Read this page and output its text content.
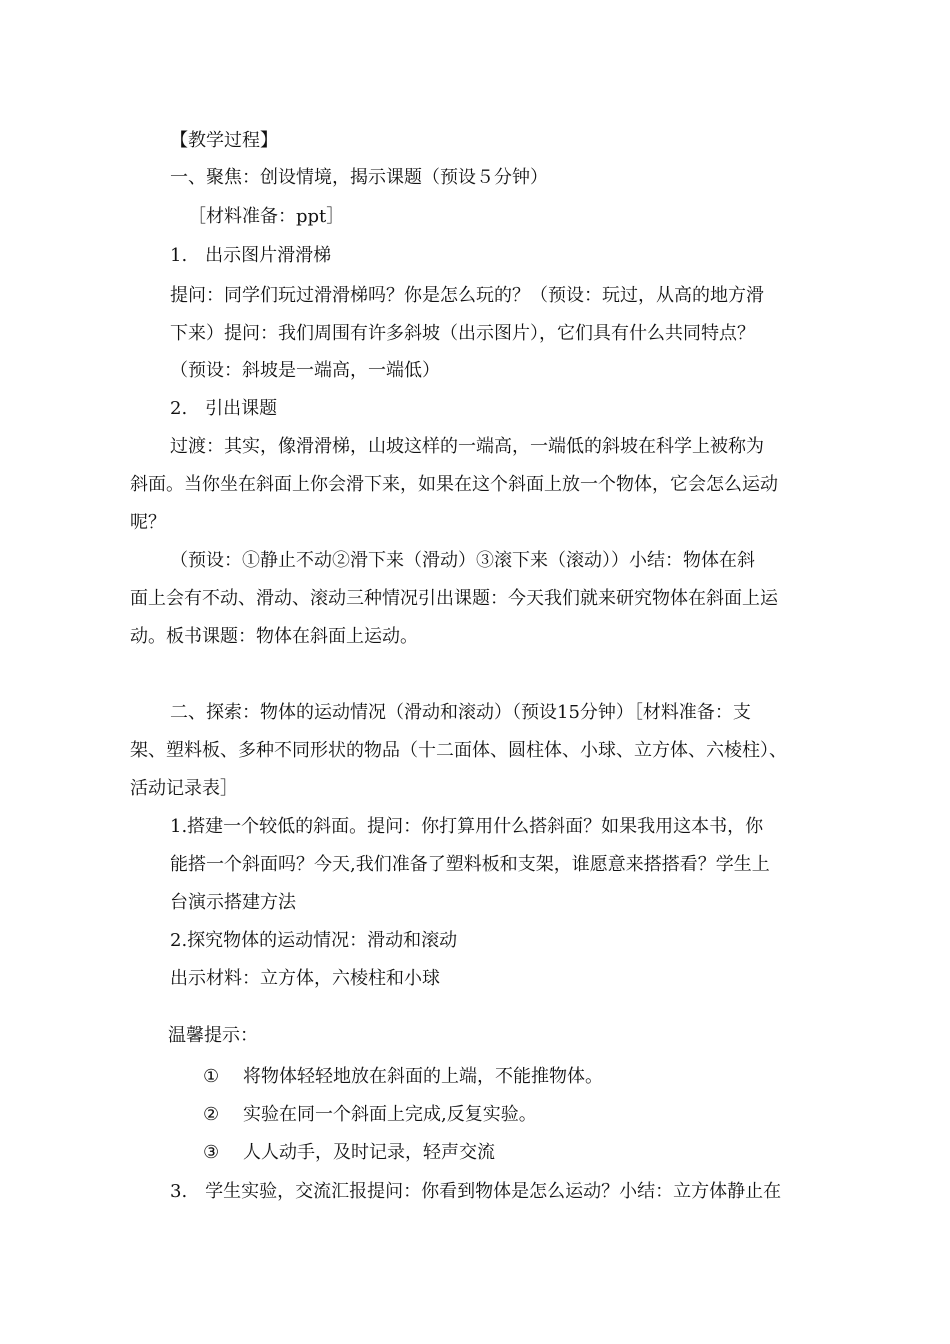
【教学过程】
一、聚焦：创设情境，揭示课题（预设５分钟）
［材料准备：ppt］
1.　出示图片滑滑梯
提问：同学们玩过滑滑梯吗？你是怎么玩的？（预设：玩过，从高的地方滑
下来）提问：我们周围有许多斜坡（出示图片），它们具有什么共同特点？
（预设：斜坡是一端高，一端低）
2.　引出课题
过渡：其实，像滑滑梯，山坡这样的一端高，一端低的斜坡在科学上被称为
斜面。当你坐在斜面上你会滑下来，如果在这个斜面上放一个物体，它会怎么运动
呢？
（预设：①静止不动②滑下来（滑动）③滚下来（滚动））小结：物体在斜
面上会有不动、滑动、滚动三种情况引出课题：今天我们就来研究物体在斜面上运
动。板书课题：物体在斜面上运动。
二、探索：物体的运动情况（滑动和滚动）（预设15分钟）［材料准备：支
架、塑料板、多种不同形状的物品（十二面体、圆柱体、小球、立方体、六棱柱）、
活动记录表］
1.搭建一个较低的斜面。提问：你打算用什么搭斜面？如果我用这本书，你
能搭一个斜面吗？今天,我们准备了塑料板和支架，谁愿意来搭搭看？学生上
台演示搭建方法
2.探究物体的运动情况：滑动和滚动
出示材料：立方体，六棱柱和小球
温馨提示：
① 将物体轻轻地放在斜面的上端，不能推物体。
② 实验在同一个斜面上完成,反复实验。
③ 人人动手，及时记录，轻声交流
3.　学生实验，交流汇报提问：你看到物体是怎么运动？小结：立方体静止在
